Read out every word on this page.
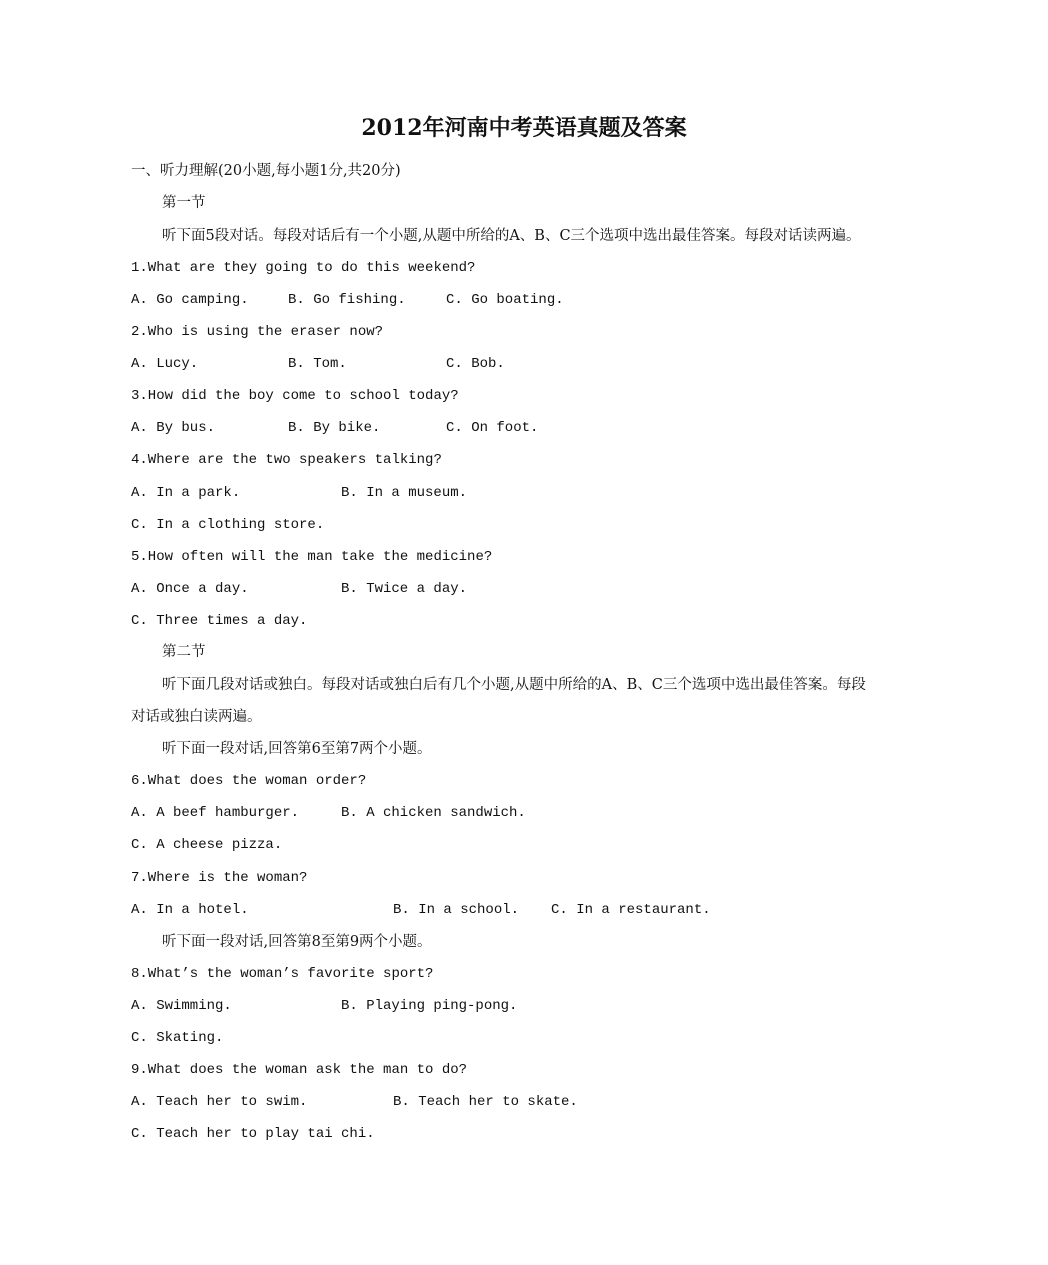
2012年河南中考英语真题及答案
一、听力理解(20小题,每小题1分,共20分)
第一节
听下面5段对话。每段对话后有一个小题,从题中所给的A、B、C三个选项中选出最佳答案。每段对话读两遍。
1.What are they going to do this weekend?
A. Go camping.	B. Go fishing.	C. Go boating.
2.Who is using the eraser now?
A. Lucy.	B. Tom.	C. Bob.
3.How did the boy come to school today?
A. By bus.	B. By bike.	C. On foot.
4.Where are the two speakers talking?
A. In a park.	B. In a museum.
C. In a clothing store.
5.How often will the man take the medicine?
A. Once a day.	B. Twice a day.
C. Three times a day.
第二节
听下面几段对话或独白。每段对话或独白后有几个小题,从题中所给的A、B、C三个选项中选出最佳答案。每段
对话或独白读两遍。
听下面一段对话,回答第6至第7两个小题。
6.What does the woman order?
A. A beef hamburger.	B. A chicken sandwich.
C. A cheese pizza.
7.Where is the woman?
A. In a hotel.	B. In a school. C. In a restaurant.
听下面一段对话,回答第8至第9两个小题。
8.What’s the woman’s favorite sport?
A. Swimming.	B. Playing ping-pong.
C. Skating.
9.What does the woman ask the man to do?
A. Teach her to swim.	B. Teach her to skate.
C. Teach her to play tai chi.
